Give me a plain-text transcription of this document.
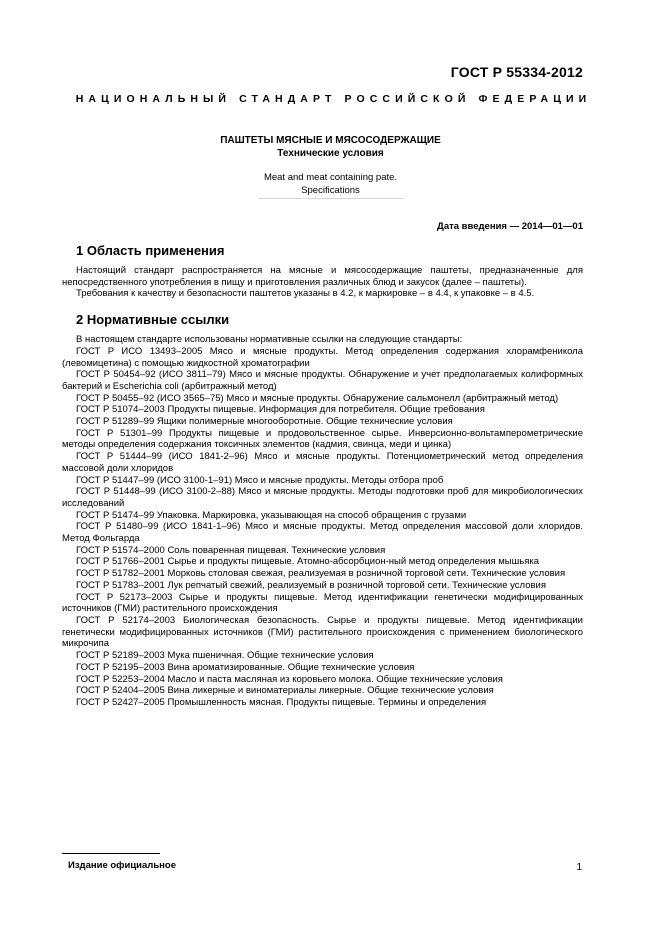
ГОСТ Р 55334-2012
НАЦИОНАЛЬНЫЙ СТАНДАРТ РОССИЙСКОЙ ФЕДЕРАЦИИ
ПАШТЕТЫ МЯСНЫЕ И МЯСОСОДЕРЖАЩИЕ
Технические условия
Meat and meat containing pate.
Specifications
Дата введения — 2014—01—01
1 Область применения

Настоящий стандарт распространяется на мясные и мясосодержащие паштеты, предназначенные для непосредственного употребления в пищу и приготовления различных блюд и закусок (далее – паштеты).

Требования к качеству и безопасности паштетов указаны в 4.2, к маркировке – в 4.4, к упаковке – в 4.5.

2 Нормативные ссылки

В настоящем стандарте использованы нормативные ссылки на следующие стандарты:

ГОСТ Р ИСО 13493–2005 Мясо и мясные продукты. Метод определения содержания хлорамфеникола (левомицетина) с помощью жидкостной хроматографии

ГОСТ Р 50454–92 (ИСО 3811–79) Мясо и мясные продукты. Обнаружение и учет предполагаемых колиформных бактерий и Escherichia coli (арбитражный метод)

ГОСТ Р 50455–92 (ИСО 3565–75) Мясо и мясные продукты. Обнаружение сальмонелл (арбитражный метод)

ГОСТ Р 51074–2003 Продукты пищевые. Информация для потребителя. Общие требования

ГОСТ Р 51289–99 Ящики полимерные многооборотные. Общие технические условия

ГОСТ Р 51301–99 Продукты пищевые и продовольственное сырье. Инверсионно-вольтамперометрические методы определения содержания токсичных элементов (кадмия, свинца, меди и цинка)

ГОСТ Р 51444–99 (ИСО 1841-2–96) Мясо и мясные продукты. Потенциометрический метод определения массовой доли хлоридов

ГОСТ Р 51447–99 (ИСО 3100-1–91) Мясо и мясные продукты. Методы отбора проб

ГОСТ Р 51448–99 (ИСО 3100-2–88) Мясо и мясные продукты. Методы подготовки проб для микробиологических исследований

ГОСТ Р 51474–99 Упаковка. Маркировка, указывающая на способ обращения с грузами

ГОСТ Р 51480–99 (ИСО 1841-1–96) Мясо и мясные продукты. Метод определения массовой доли хлоридов. Метод Фольгарда

ГОСТ Р 51574–2000 Соль поваренная пищевая. Технические условия

ГОСТ Р 51766–2001 Сырье и продукты пищевые. Атомно-абсорбцион-ный метод определения мышьяка

ГОСТ Р 51782–2001 Морковь столовая свежая, реализуемая в розничной торговой сети. Технические условия

ГОСТ Р 51783–2001 Лук репчатый свежий, реализуемый в розничной торговой сети. Технические условия

ГОСТ Р 52173–2003 Сырье и продукты пищевые. Метод идентификации генетически модифицированных источников (ГМИ) растительного происхождения

ГОСТ Р 52174–2003 Биологическая безопасность. Сырье и продукты пищевые. Метод идентификации генетически модифицированных источников (ГМИ) растительного происхождения с применением биологического микрочипа

ГОСТ Р 52189–2003 Мука пшеничная. Общие технические условия

ГОСТ Р 52195–2003 Вина ароматизированные. Общие технические условия

ГОСТ Р 52253–2004 Масло и паста масляная из коровьего молока. Общие технические условия

ГОСТ Р 52404–2005 Вина ликерные и виноматериалы ликерные. Общие технические условия

ГОСТ Р 52427–2005 Промышленность мясная. Продукты пищевые. Термины и определения

Издание официальное	1
